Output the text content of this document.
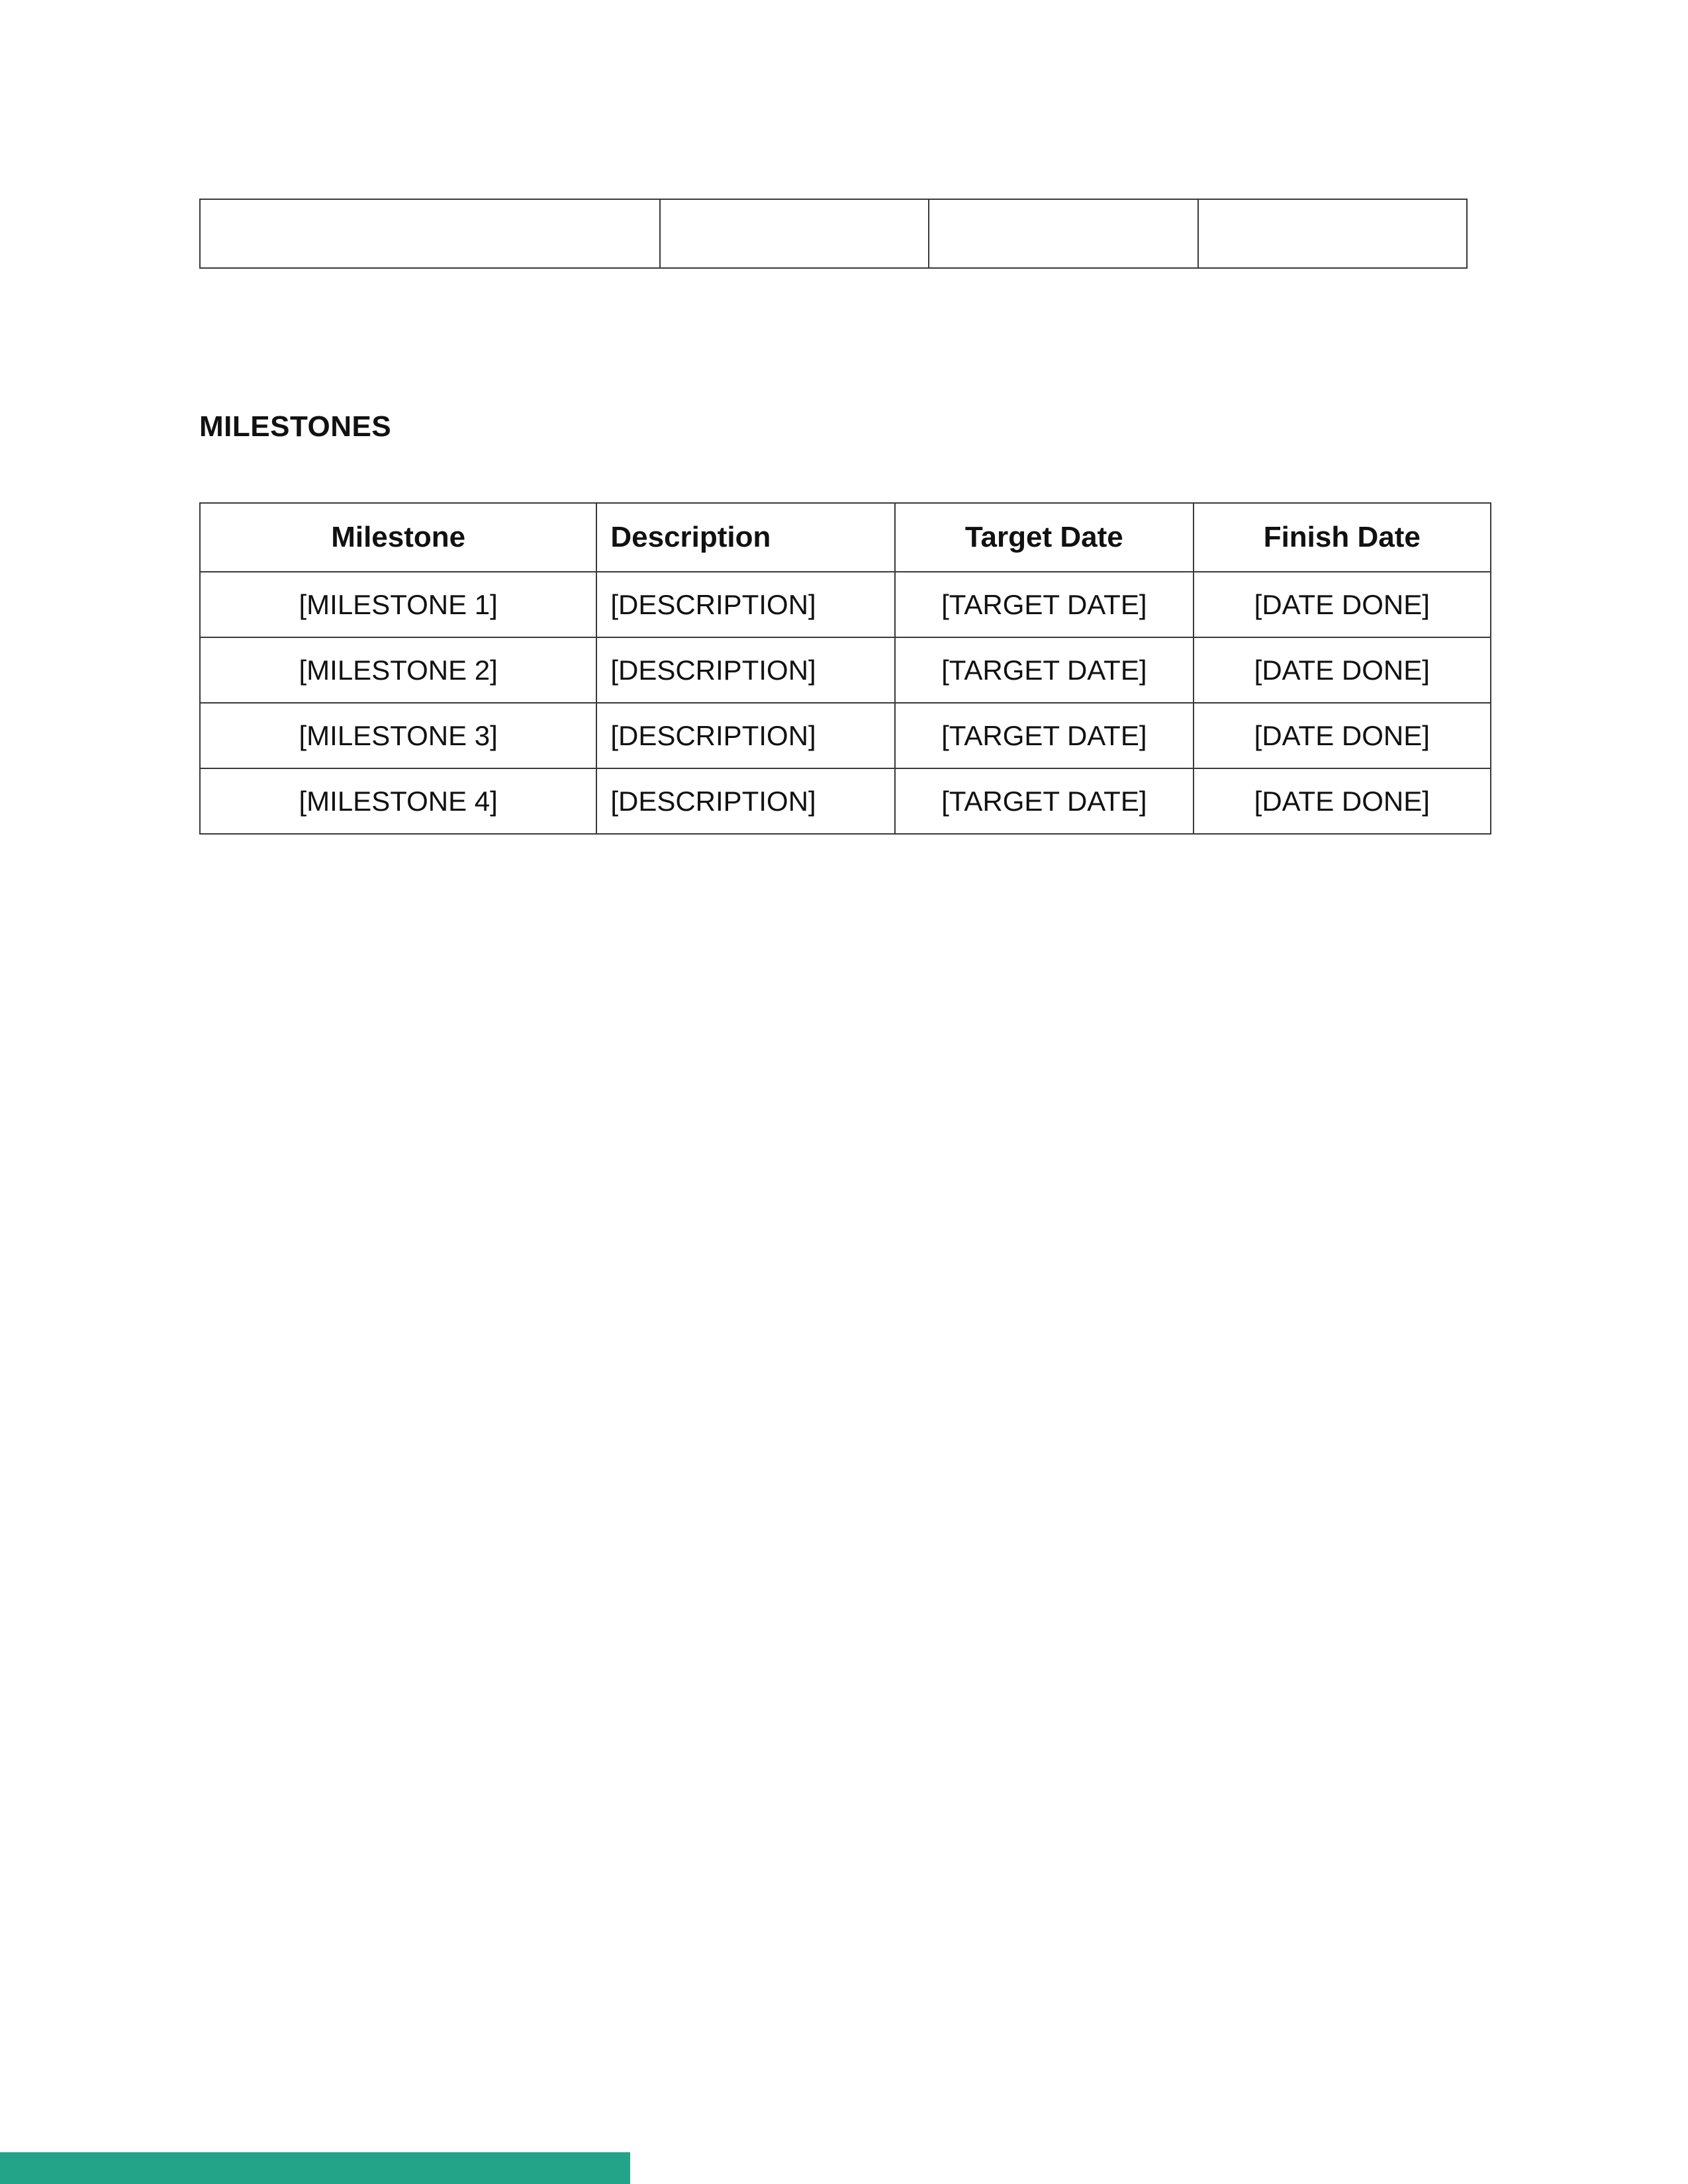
MILESTONES
Milestone	Description	Target Date	Finish Date
[MILESTONE 1]	[DESCRIPTION]	[TARGET DATE]	[DATE DONE]
[MILESTONE 2]	[DESCRIPTION]	[TARGET DATE]	[DATE DONE]
[MILESTONE 3]	[DESCRIPTION]	[TARGET DATE]	[DATE DONE]
[MILESTONE 4]	[DESCRIPTION]	[TARGET DATE]	[DATE DONE]
